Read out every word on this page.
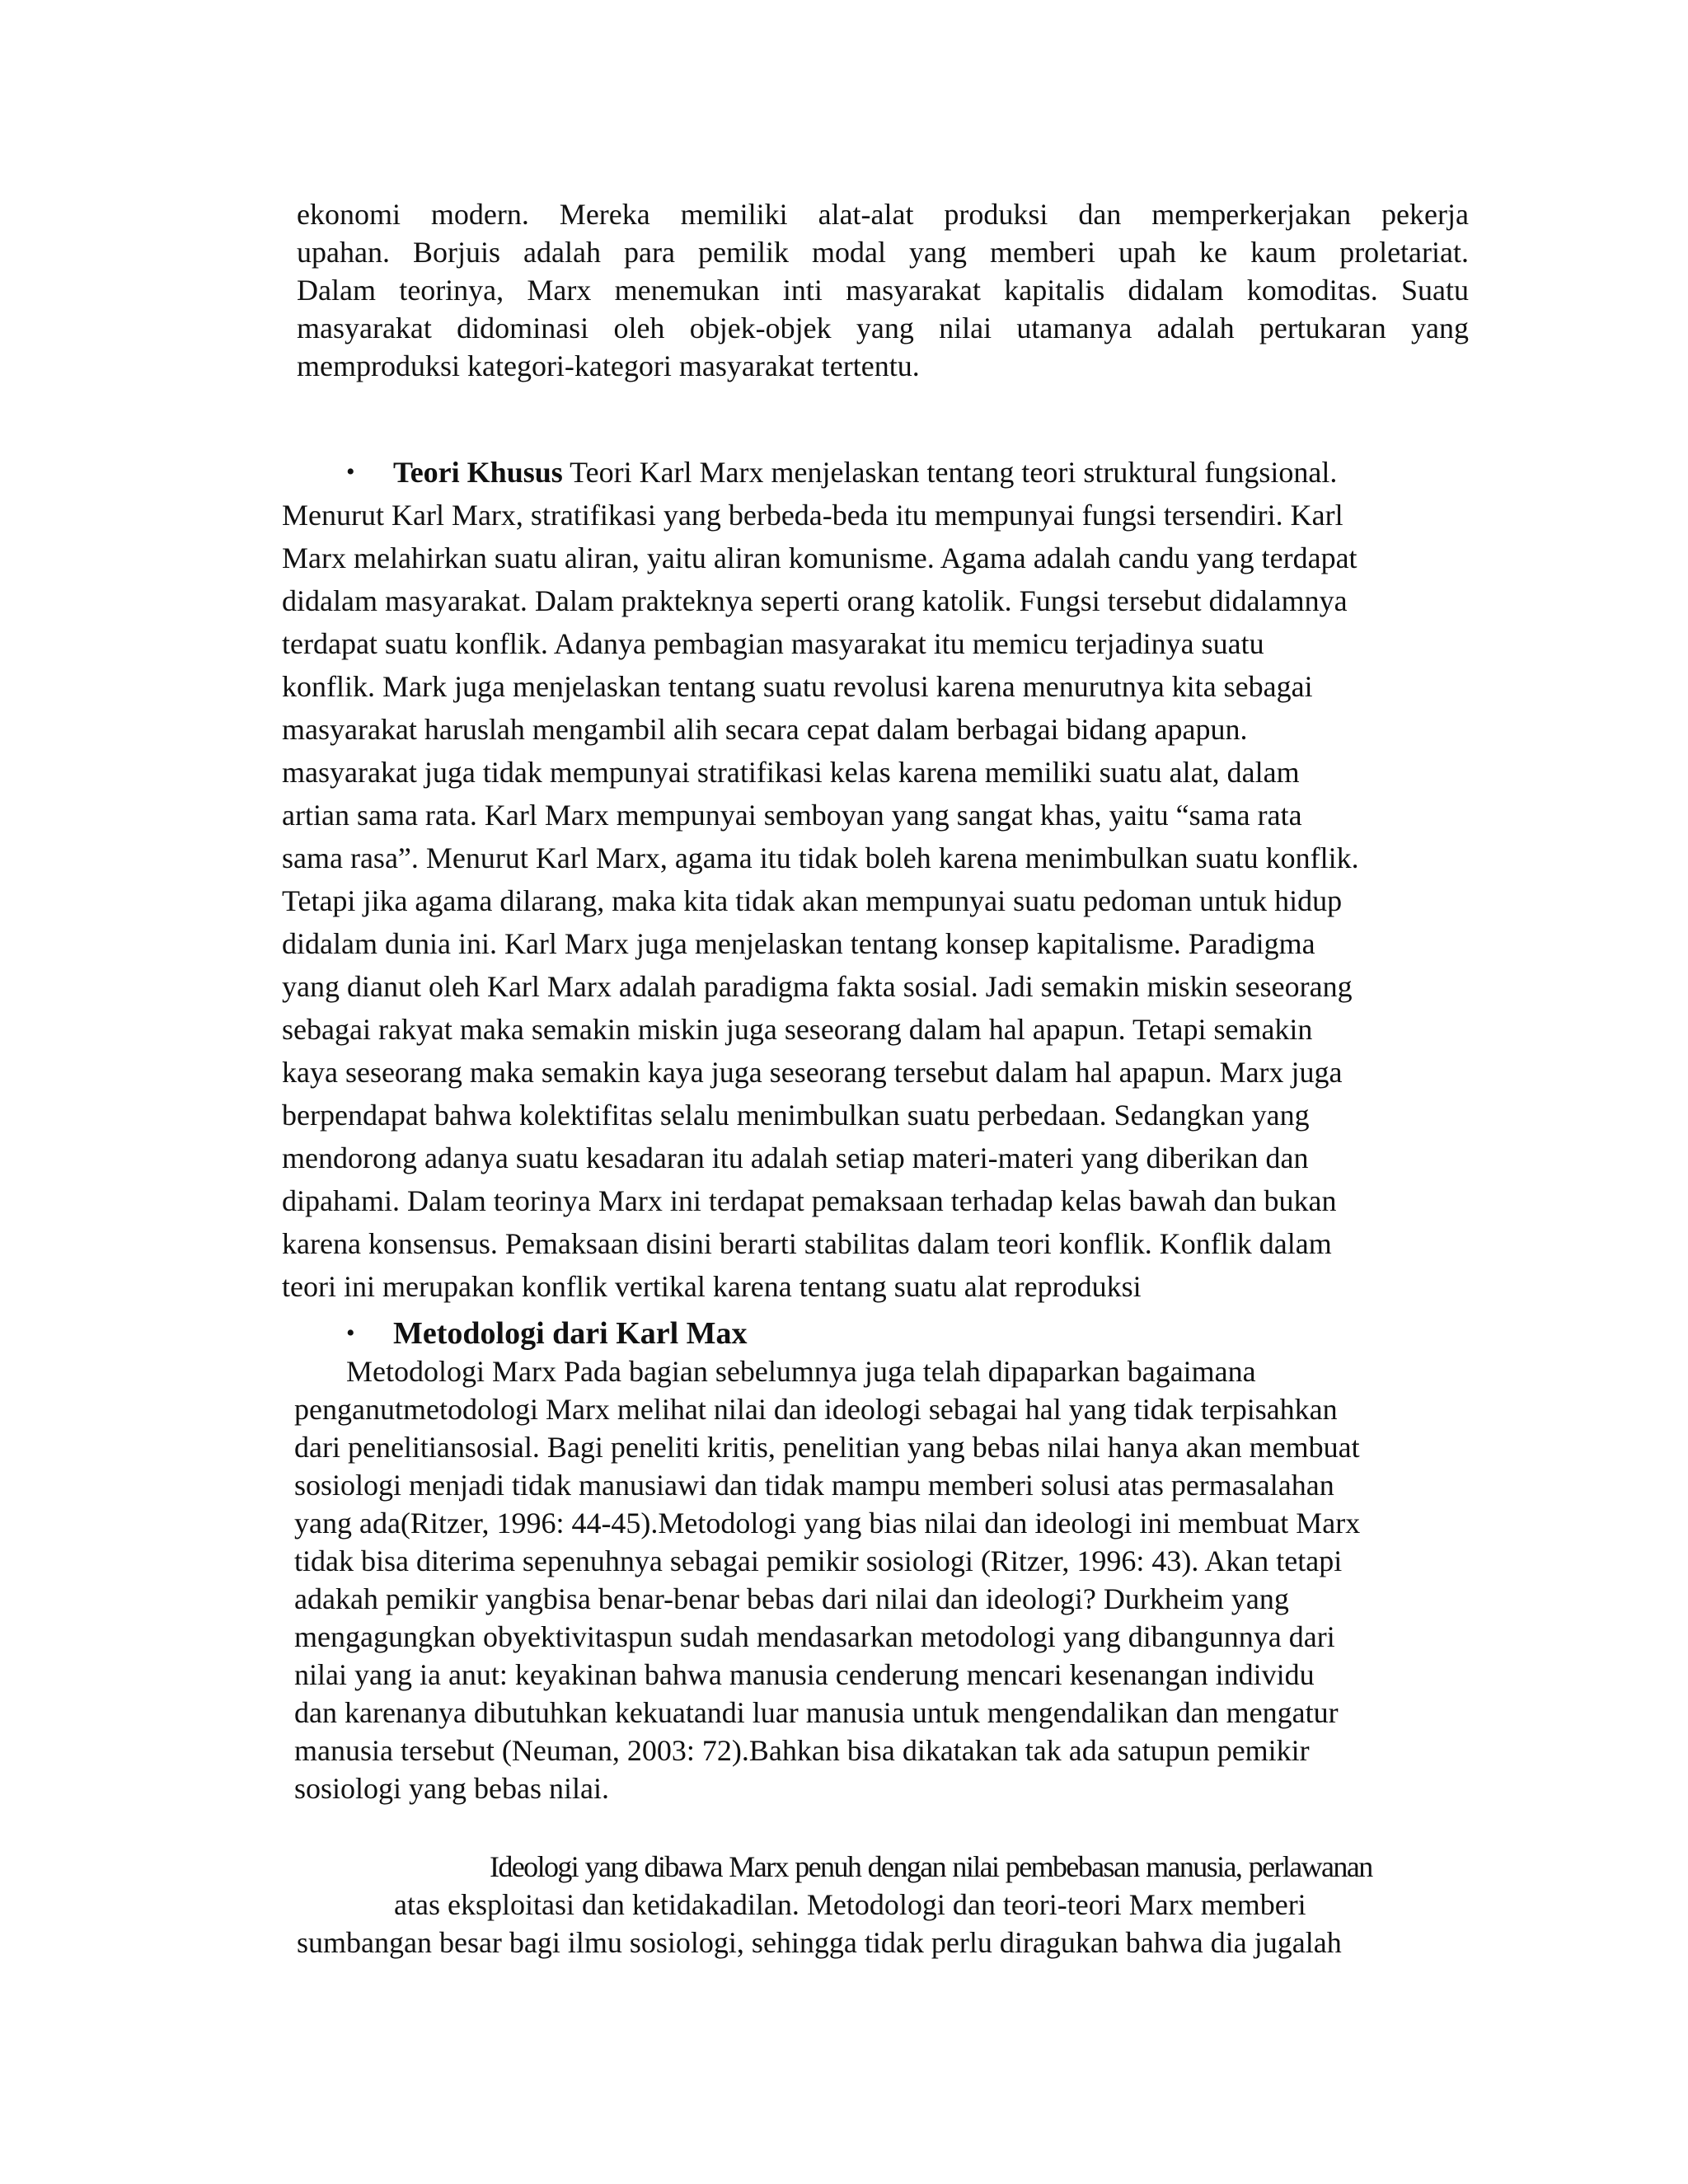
ekonomi modern. Mereka memiliki alat-alat produksi dan memperkerjakan pekerja
upahan. Borjuis adalah para pemilik modal yang memberi upah ke kaum proletariat.
Dalam teorinya, Marx menemukan inti masyarakat kapitalis didalam komoditas. Suatu
masyarakat didominasi oleh objek-objek yang nilai utamanya adalah pertukaran yang
memproduksi kategori-kategori masyarakat tertentu.
• Teori Khusus Teori Karl Marx menjelaskan tentang teori struktural fungsional.
Menurut Karl Marx, stratifikasi yang berbeda-beda itu mempunyai fungsi tersendiri. Karl
Marx melahirkan suatu aliran, yaitu aliran komunisme. Agama adalah candu yang terdapat
didalam masyarakat. Dalam prakteknya seperti orang katolik. Fungsi tersebut didalamnya
terdapat suatu konflik. Adanya pembagian masyarakat itu memicu terjadinya suatu
konflik. Mark juga menjelaskan tentang suatu revolusi karena menurutnya kita sebagai
masyarakat haruslah mengambil alih secara cepat dalam berbagai bidang apapun.
masyarakat juga tidak mempunyai stratifikasi kelas karena memiliki suatu alat, dalam
artian sama rata. Karl Marx mempunyai semboyan yang sangat khas, yaitu “sama rata
sama rasa”. Menurut Karl Marx, agama itu tidak boleh karena menimbulkan suatu konflik.
Tetapi jika agama dilarang, maka kita tidak akan mempunyai suatu pedoman untuk hidup
didalam dunia ini. Karl Marx juga menjelaskan tentang konsep kapitalisme. Paradigma
yang dianut oleh Karl Marx adalah paradigma fakta sosial. Jadi semakin miskin seseorang
sebagai rakyat maka semakin miskin juga seseorang dalam hal apapun. Tetapi semakin
kaya seseorang maka semakin kaya juga seseorang tersebut dalam hal apapun. Marx juga
berpendapat bahwa kolektifitas selalu menimbulkan suatu perbedaan. Sedangkan yang
mendorong adanya suatu kesadaran itu adalah setiap materi-materi yang diberikan dan
dipahami. Dalam teorinya Marx ini terdapat pemaksaan terhadap kelas bawah dan bukan
karena konsensus. Pemaksaan disini berarti stabilitas dalam teori konflik. Konflik dalam
teori ini merupakan konflik vertikal karena tentang suatu alat reproduksi
• Metodologi dari Karl Max
Metodologi Marx Pada bagian sebelumnya juga telah dipaparkan bagaimana
penganutmetodologi Marx melihat nilai dan ideologi sebagai hal yang tidak terpisahkan
dari penelitiansosial. Bagi peneliti kritis, penelitian yang bebas nilai hanya akan membuat
sosiologi menjadi tidak manusiawi dan tidak mampu memberi solusi atas permasalahan
yang ada(Ritzer, 1996: 44-45).Metodologi yang bias nilai dan ideologi ini membuat Marx
tidak bisa diterima sepenuhnya sebagai pemikir sosiologi (Ritzer, 1996: 43). Akan tetapi
adakah pemikir yangbisa benar-benar bebas dari nilai dan ideologi? Durkheim yang
mengagungkan obyektivitaspun sudah mendasarkan metodologi yang dibangunnya dari
nilai yang ia anut: keyakinan bahwa manusia cenderung mencari kesenangan individu
dan karenanya dibutuhkan kekuatandi luar manusia untuk mengendalikan dan mengatur
manusia tersebut (Neuman, 2003: 72).Bahkan bisa dikatakan tak ada satupun pemikir
sosiologi yang bebas nilai.
Ideologi yang dibawa Marx penuh dengan nilai pembebasan manusia, perlawanan
atas eksploitasi dan ketidakadilan. Metodologi dan teori-teori Marx memberi
sumbangan besar bagi ilmu sosiologi, sehingga tidak perlu diragukan bahwa dia jugalah
